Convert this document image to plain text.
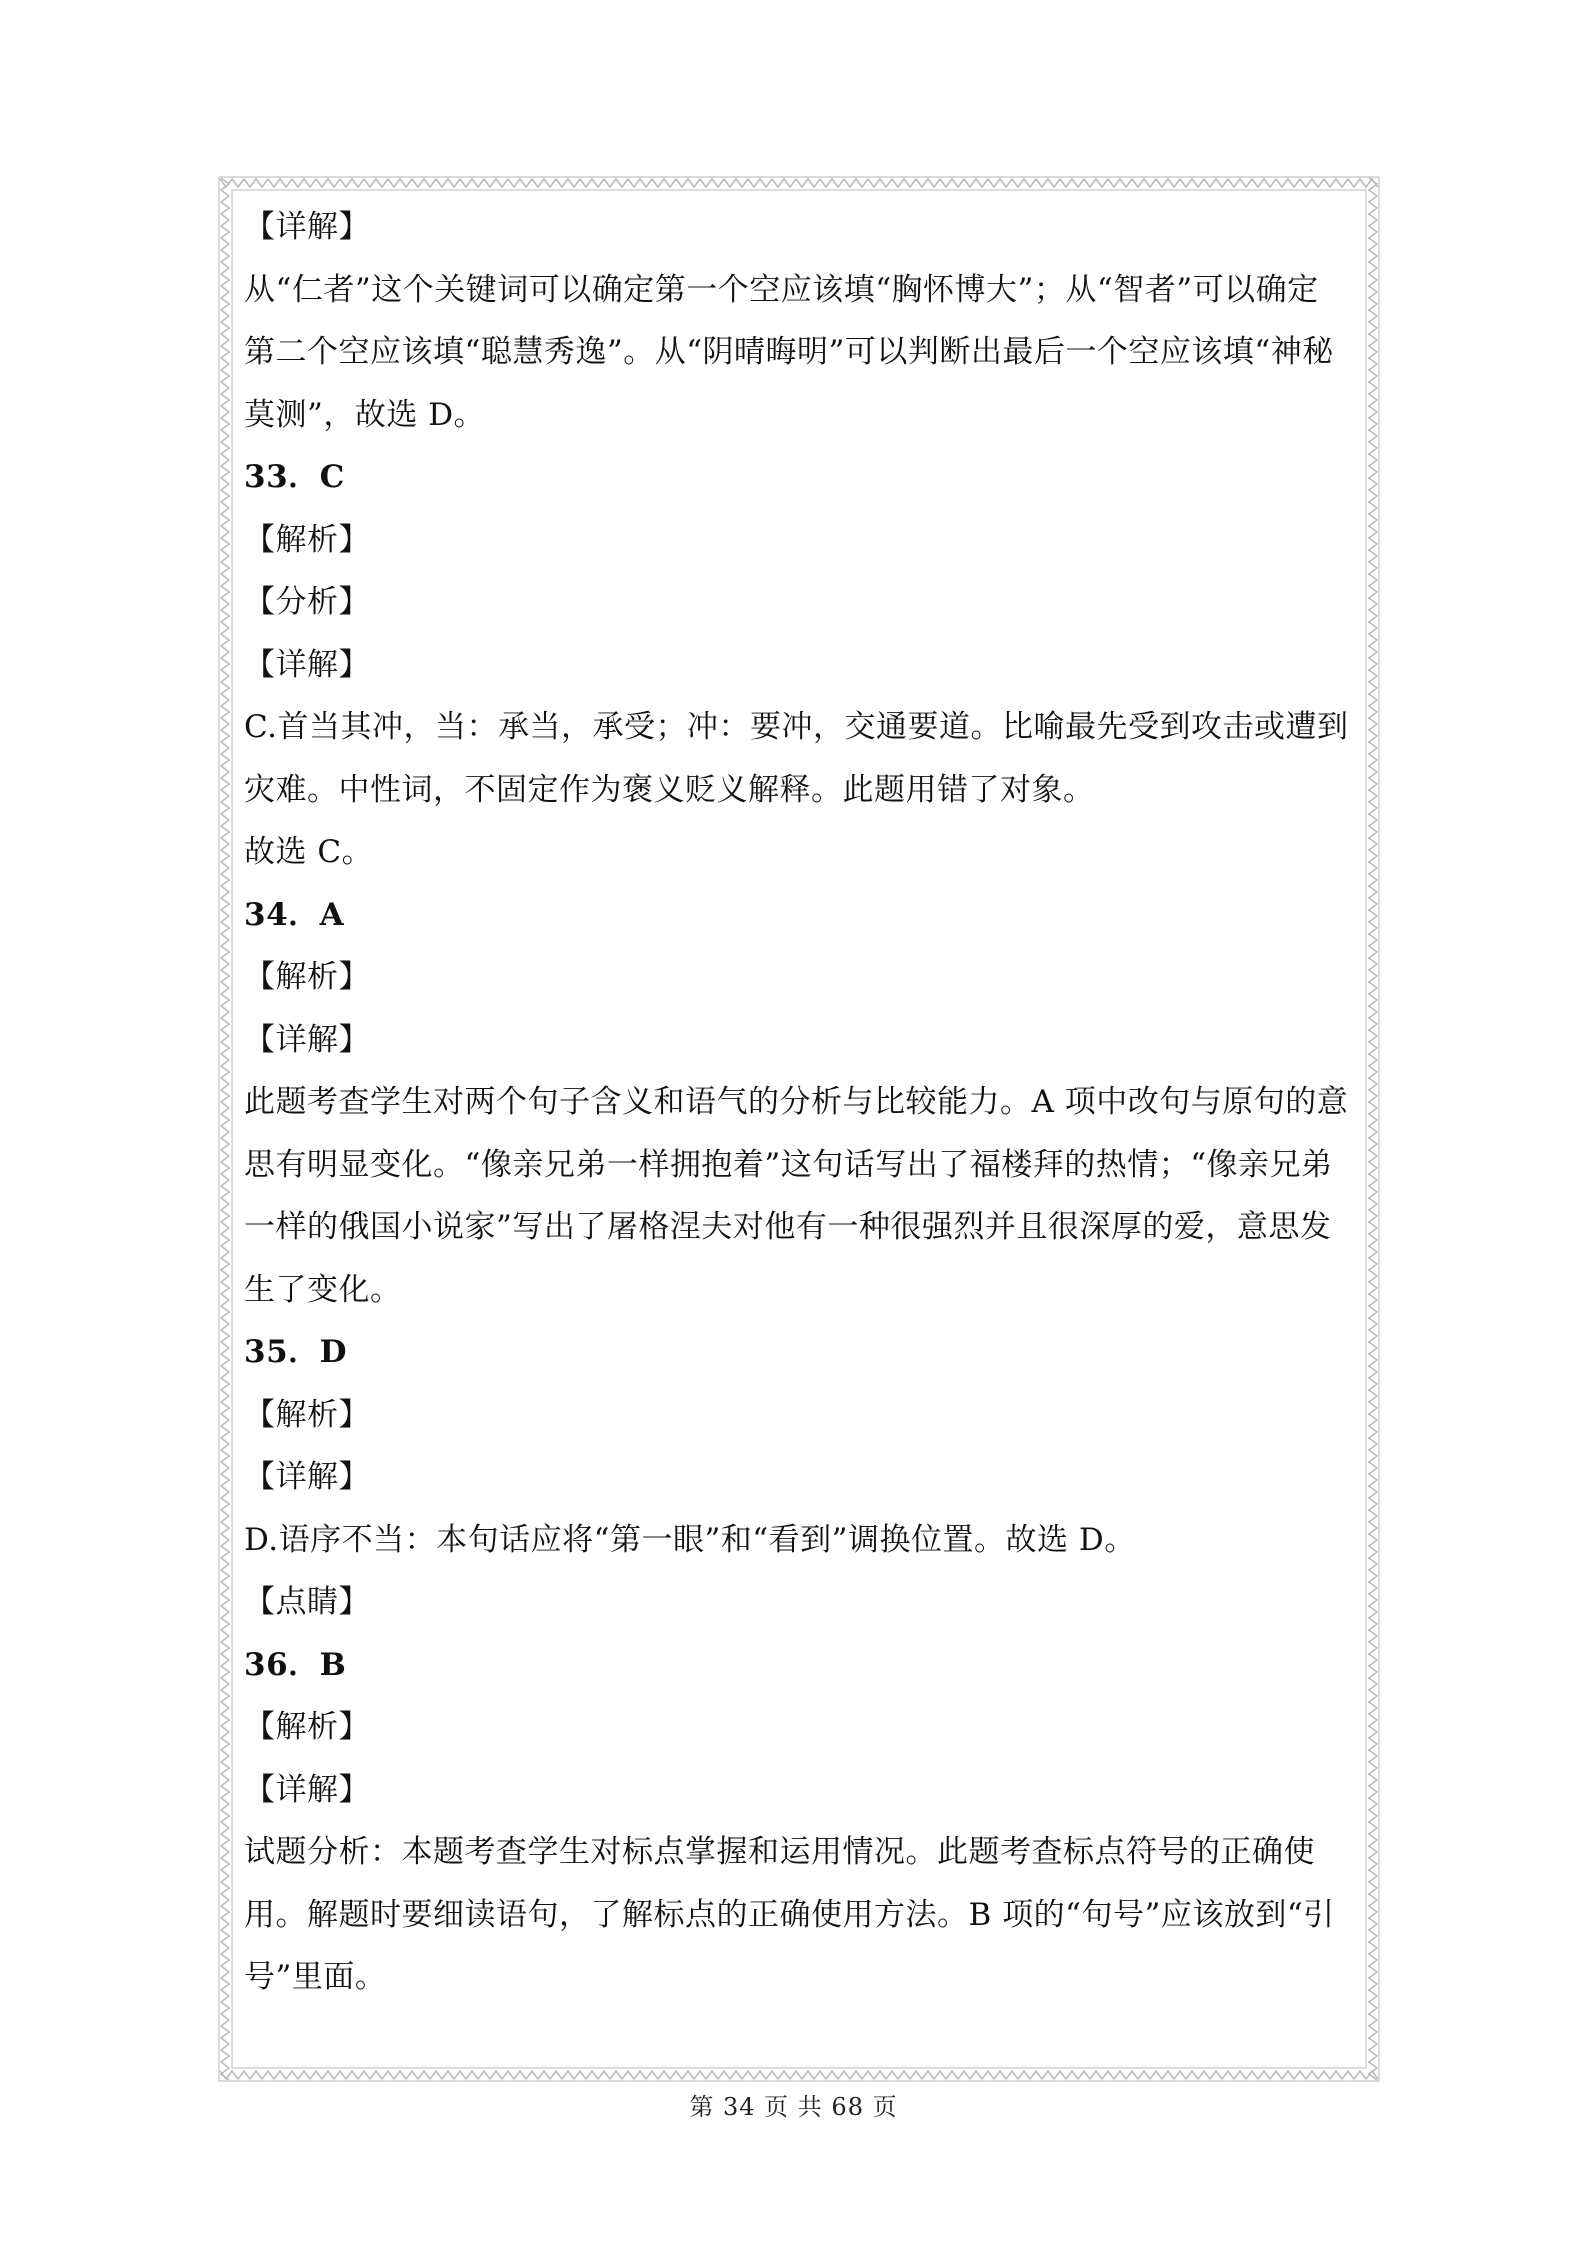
【详解】
从“仁者”这个关键词可以确定第一个空应该填“胸怀博大”；从“智者”可以确定
第二个空应该填“聪慧秀逸”。从“阴晴晦明”可以判断出最后一个空应该填“神秘
莫测”，故选 D。
33．C
【解析】
【分析】
【详解】
C.首当其冲，当：承当，承受；冲：要冲，交通要道。比喻最先受到攻击或遭到
灾难。中性词，不固定作为褒义贬义解释。此题用错了对象。
故选 C。
34．A
【解析】
【详解】
此题考查学生对两个句子含义和语气的分析与比较能力。A 项中改句与原句的意
思有明显变化。“像亲兄弟一样拥抱着”这句话写出了福楼拜的热情；“像亲兄弟
一样的俄国小说家”写出了屠格涅夫对他有一种很强烈并且很深厚的爱，意思发
生了变化。
35．D
【解析】
【详解】
D.语序不当：本句话应将“第一眼”和“看到”调换位置。故选 D。
【点睛】
36．B
【解析】
【详解】
试题分析：本题考查学生对标点掌握和运用情况。此题考查标点符号的正确使
用。解题时要细读语句，了解标点的正确使用方法。B 项的“句号”应该放到“引
号”里面。
第 34 页 共 68 页
